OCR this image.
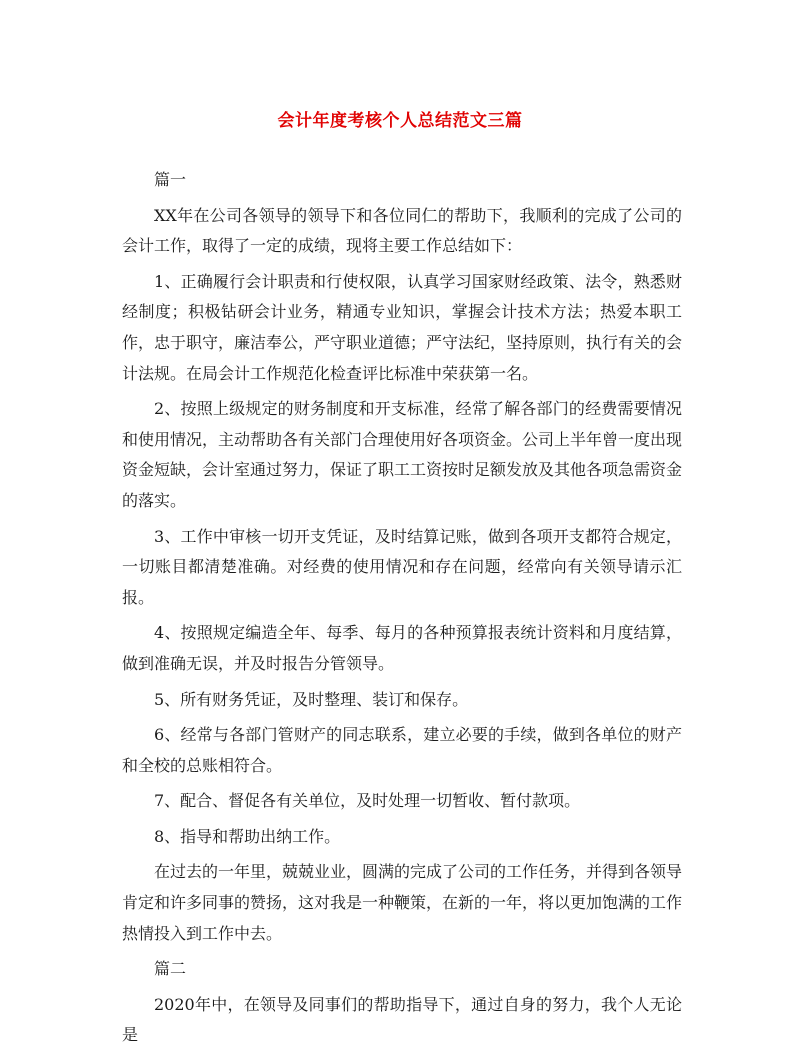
会计年度考核个人总结范文三篇

篇一

XX年在公司各领导的领导下和各位同仁的帮助下，我顺利的完成了公司的会计工作，取得了一定的成绩，现将主要工作总结如下：

1、正确履行会计职责和行使权限，认真学习国家财经政策、法令，熟悉财经制度；积极钻研会计业务，精通专业知识，掌握会计技术方法；热爱本职工作，忠于职守，廉洁奉公，严守职业道德；严守法纪，坚持原则，执行有关的会计法规。在局会计工作规范化检查评比标准中荣获第一名。

2、按照上级规定的财务制度和开支标准，经常了解各部门的经费需要情况和使用情况，主动帮助各有关部门合理使用好各项资金。公司上半年曾一度出现资金短缺，会计室通过努力，保证了职工工资按时足额发放及其他各项急需资金的落实。

3、工作中审核一切开支凭证，及时结算记账，做到各项开支都符合规定，一切账目都清楚准确。对经费的使用情况和存在问题，经常向有关领导请示汇报。

4、按照规定编造全年、每季、每月的各种预算报表统计资料和月度结算，做到准确无误，并及时报告分管领导。

5、所有财务凭证，及时整理、装订和保存。

6、经常与各部门管财产的同志联系，建立必要的手续，做到各单位的财产和全校的总账相符合。

7、配合、督促各有关单位，及时处理一切暂收、暂付款项。

8、指导和帮助出纳工作。

在过去的一年里，兢兢业业，圆满的完成了公司的工作任务，并得到各领导肯定和许多同事的赞扬，这对我是一种鞭策，在新的一年，将以更加饱满的工作热情投入到工作中去。

篇二

2020年中，在领导及同事们的帮助指导下，通过自身的努力，我个人无论是
